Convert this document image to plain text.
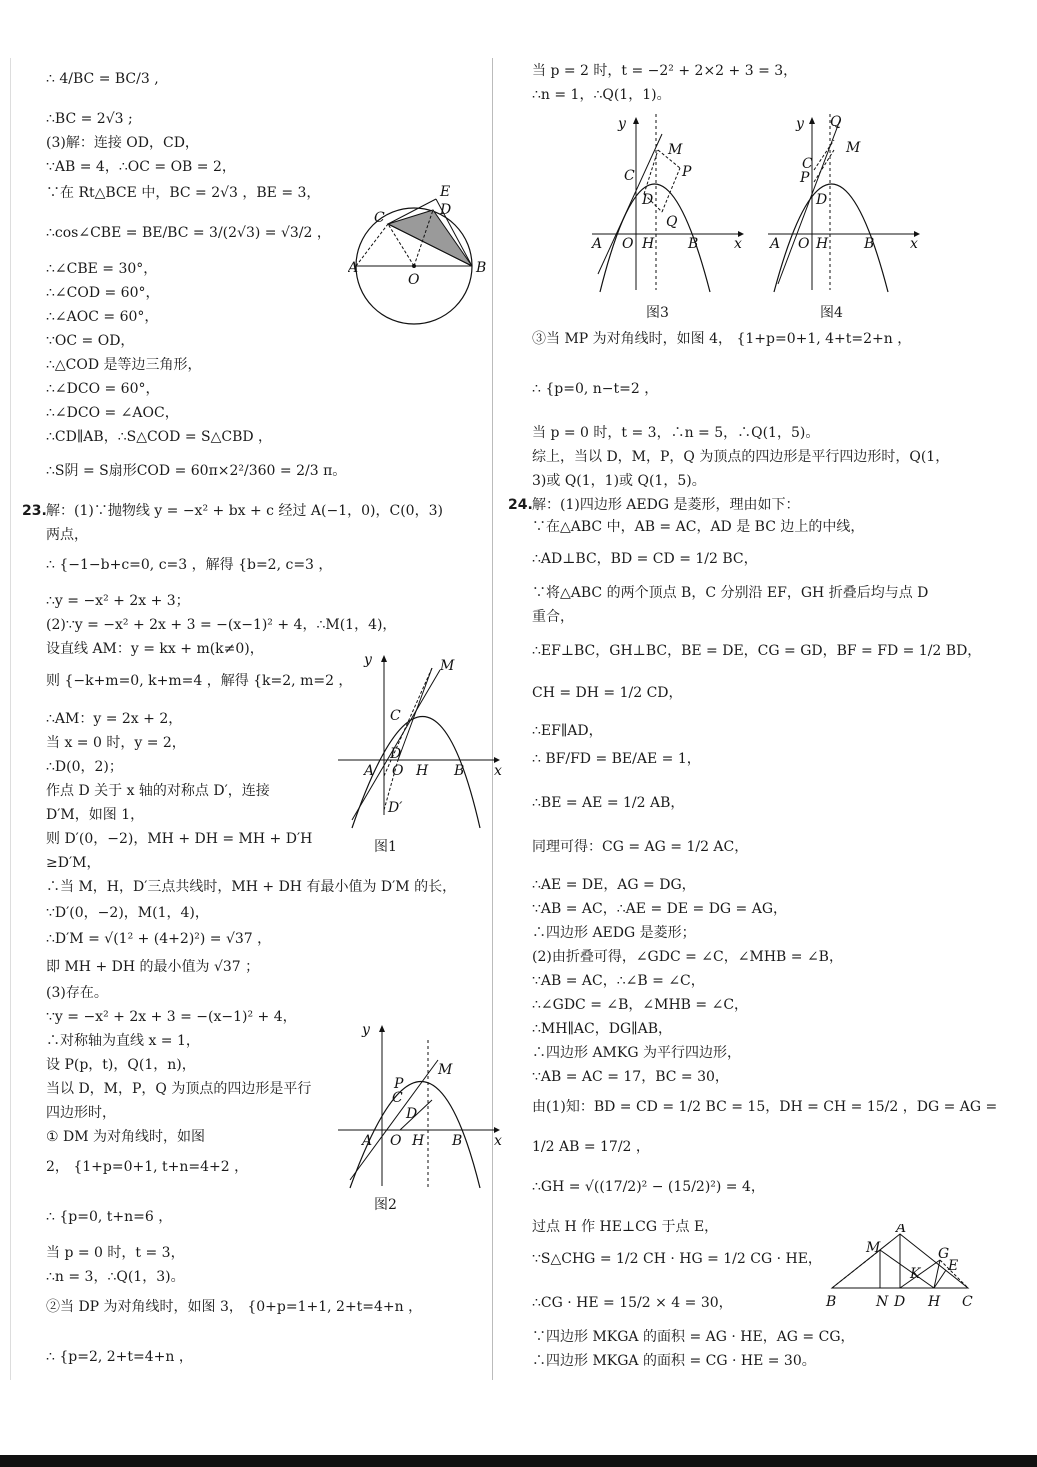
∴ 4/BC = BC/3 ,
∴BC = 2√3 ;
(3)解：连接 OD，CD，
∵AB = 4，∴OC = OB = 2，
∵在 Rt△BCE 中，BC = 2√3 ，BE = 3，
∴cos∠CBE = BE/BC = 3/(2√3) = √3/2 ，
∴∠CBE = 30°，
∴∠COD = 60°，
∴∠AOC = 60°，
∵OC = OD，
∴△COD 是等边三角形，
∴∠DCO = 60°，
∴∠DCO = ∠AOC，
∴CD∥AB，∴S△COD = S△CBD ，
∴S阴 = S扇形COD = 60π×2²/360 = 2/3 π。
23. 解：(1)∵抛物线 y = −x² + bx + c 经过 A(−1，0)，C(0，3)
两点，
∴ {−1−b+c=0, c=3 ，解得 {b=2, c=3 ，
∴y = −x² + 2x + 3；
(2)∵y = −x² + 2x + 3 = −(x−1)² + 4，∴M(1，4)，
设直线 AM：y = kx + m(k≠0)，
则 {−k+m=0, k+m=4 ，解得 {k=2, m=2 ，
∴AM：y = 2x + 2，
当 x = 0 时，y = 2，
∴D(0，2)；
作点 D 关于 x 轴的对称点 D′，连接
D′M，如图 1，
则 D′(0，−2)，MH + DH = MH + D′H
≥D′M，
∴当 M，H，D′三点共线时，MH + DH 有最小值为 D′M 的长，
∵D′(0，−2)，M(1，4)，
∴D′M = √(1² + (4+2)²) = √37 ，
即 MH + DH 的最小值为 √37 ；
(3)存在。
∵y = −x² + 2x + 3 = −(x−1)² + 4，
∴对称轴为直线 x = 1，
设 P(p，t)，Q(1，n)，
当以 D，M，P，Q 为顶点的四边形是平行
四边形时，
① DM 为对角线时，如图
2， {1+p=0+1, t+n=4+2 ，
∴ {p=0, t+n=6 ，
当 p = 0 时，t = 3，
∴n = 3，∴Q(1，3)。
②当 DP 为对角线时，如图 3， {0+p=1+1, 2+t=4+n ，
∴ {p=2, 2+t=4+n ，
A	B
C	D
E
O
y
x
A O H B
D
C
M
D′
图1
y
x
A O H B
P
C
D
M
图2
当 p = 2 时，t = −2² + 2×2 + 3 = 3，
∴n = 1，∴Q(1，1)。
y
x
A O H B
C
D
Q
P
M
图3
y
x
A O H	B
C
P
D
Q
M
图4
③当 MP 为对角线时，如图 4， {1+p=0+1, 4+t=2+n ，
∴ {p=0, n−t=2 ，
当 p = 0 时，t = 3，∴n = 5，∴Q(1，5)。
综上，当以 D，M，P，Q 为顶点的四边形是平行四边形时，Q(1，
3)或 Q(1，1)或 Q(1，5)。
24. 解：(1)四边形 AEDG 是菱形，理由如下：
∵在△ABC 中，AB = AC，AD 是 BC 边上的中线，
∴AD⊥BC，BD = CD = 1/2 BC，
∵将△ABC 的两个顶点 B，C 分别沿 EF，GH 折叠后均与点 D
重合，
∴EF⊥BC，GH⊥BC，BE = DE，CG = GD，BF = FD = 1/2 BD，
CH = DH = 1/2 CD，
∴EF∥AD，
∴ BF/FD = BE/AE = 1，
∴BE = AE = 1/2 AB，
同理可得：CG = AG = 1/2 AC，
∴AE = DE，AG = DG，
∵AB = AC，∴AE = DE = DG = AG，
∴四边形 AEDG 是菱形；
(2)由折叠可得，∠GDC = ∠C，∠MHB = ∠B，
∵AB = AC，∴∠B = ∠C，
∴∠GDC = ∠B，∠MHB = ∠C，
∴MH∥AC，DG∥AB，
∴四边形 AMKG 为平行四边形，
∵AB = AC = 17，BC = 30，
由(1)知：BD = CD = 1/2 BC = 15，DH = CH = 15/2 ，DG = AG =
1/2 AB = 17/2 ，
∴GH = √((17/2)² − (15/2)²) = 4，
过点 H 作 HE⊥CG 于点 E，
∵S△CHG = 1/2 CH · HG = 1/2 CG · HE，
∴CG · HE = 15/2 × 4 = 30，
∵四边形 MKGA 的面积 = AG · HE，AG = CG，
∴四边形 MKGA 的面积 = CG · HE = 30。
B
A
C
D
E
G
H
K
M
N
